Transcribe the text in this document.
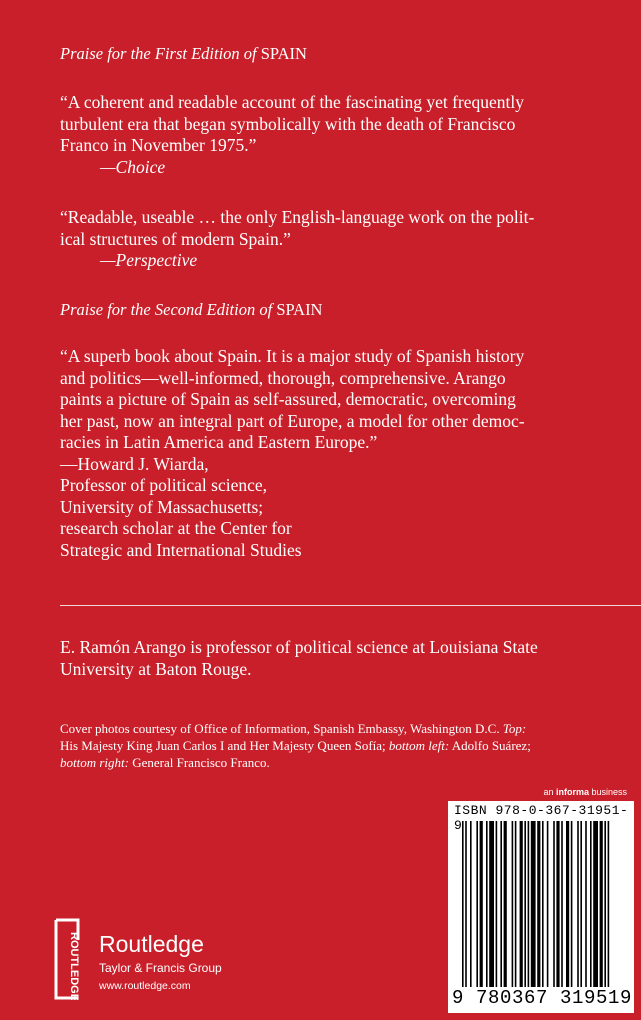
Praise for the First Edition of SPAIN
“A coherent and readable account of the fascinating yet frequently
turbulent era that began symbolically with the death of Francisco
Franco in November 1975.”
—Choice
“Readable, useable … the only English-language work on the polit-
ical structures of modern Spain.”
—Perspective
Praise for the Second Edition of SPAIN
“A superb book about Spain. It is a major study of Spanish history
and politics—well-informed, thorough, comprehensive. Arango
paints a picture of Spain as self-assured, democratic, overcoming
her past, now an integral part of Europe, a model for other democ-
racies in Latin America and Eastern Europe.”
—Howard J. Wiarda,
Professor of political science,
University of Massachusetts;
research scholar at the Center for
Strategic and International Studies
E. Ramón Arango is professor of political science at Louisiana State
University at Baton Rouge.
Cover photos courtesy of Office of Information, Spanish Embassy, Washington D.C. Top:
His Majesty King Juan Carlos I and Her Majesty Queen Sofía; bottom left: Adolfo Suárez;
bottom right: General Francisco Franco.
an informa business
ROUTLEDGE Routledge
Taylor & Francis Group
www.routledge.com
ISBN 978-0-367-31951-9
9 780367 319519
